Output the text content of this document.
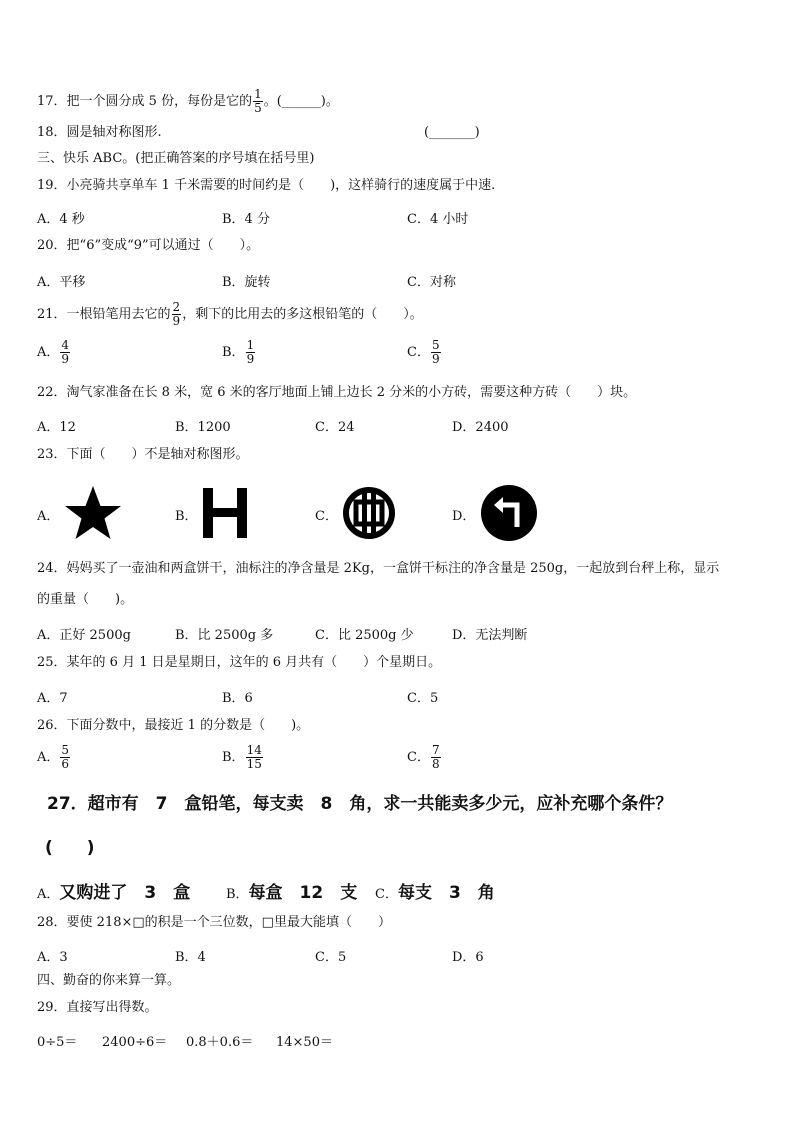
17．把一个圆分成 5 份，每份是它的 $\frac{1}{5}$ 。(______)。
18．圆是轴对称图形.	(_______)
三、快乐 ABC。(把正确答案的序号填在括号里)
19．小亮骑共享单车 1 千米需要的时间约是（　　)，这样骑行的速度属于中速.
A．4 秒	B．4 分	C．4 小时
20．把“6”变成“9”可以通过（　　）。
A．平移	B．旋转	C．对称
21．一根铅笔用去它的 $\frac{2}{9}$ ，剩下的比用去的多这根铅笔的（　　）。
A． $\frac{4}{9}$	B． $\frac{1}{9}$	C． $\frac{5}{9}$
22．淘气家准备在长 8 米，宽 6 米的客厅地面上铺上边长 2 分米的小方砖，需要这种方砖（　　）块。
A．12	B．1200	C．24	D．2400
23．下面（　　）不是轴对称图形。
A．	B．	C．	D．
24．妈妈买了一壶油和两盒饼干，油标注的净含量是 2Kg，一盒饼干标注的净含量是 250g，一起放到台秤上称，显示
的重量（　　)。
A．正好 2500g	B．比 2500g 多	C．比 2500g 少	D．无法判断
25．某年的 6 月 1 日是星期日，这年的 6 月共有（　　）个星期日。
A．7	B．6	C．5
26．下面分数中，最接近 1 的分数是（　　)。
A． $\frac{5}{6}$	B． $\frac{14}{15}$	C． $\frac{7}{8}$
27．超市有　7　盒铅笔，每支卖　8　角，求一共能卖多少元，应补充哪个条件？
(　　)
A．又购进了　3　盒	B．每盒　12　支 C．每支　3　角
28．要使 218×□的积是一个三位数，□里最大能填（　　）
A．3	B．4	C．5	D．6
四、勤奋的你来算一算。
29．直接写出得数。
0÷5＝ 2400÷6＝ 0.8＋0.6＝ 14×50＝
